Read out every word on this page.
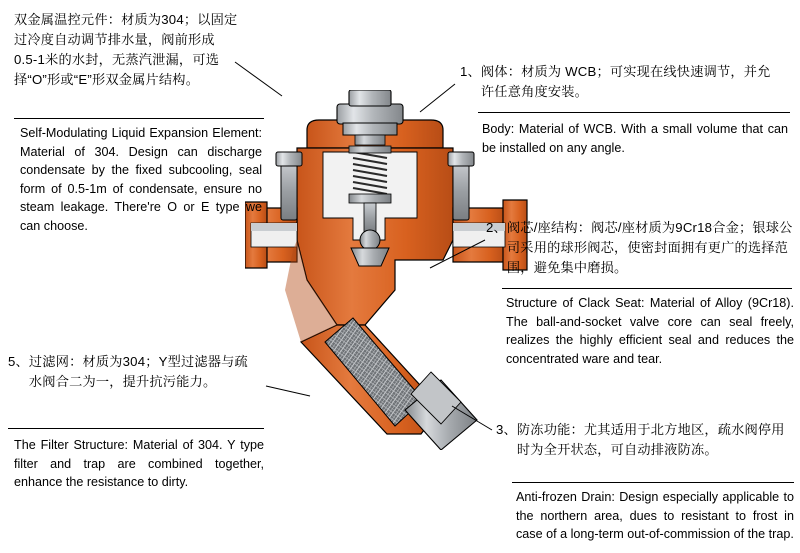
双金属温控元件：材质为304；以固定过冷度自动调节排水量，阀前形成0.5-1米的水封，无蒸汽泄漏，可选择“O”形或“E”形双金属片结构。
Self-Modulating Liquid Expansion Element: Material of 304. Design can discharge condensate by the fixed subcooling, seal form of 0.5-1m of condensate, ensure no steam leakage. There're O or E type we can choose.
5、 过滤网：材质为304；Y型过滤器与疏水阀合二为一，提升抗污能力。
The Filter Structure: Material of 304. Y type filter and trap are combined together, enhance the resistance to dirty.
1、 阀体：材质为 WCB；可实现在线快速调节，并允许任意角度安装。
Body: Material of WCB. With a small volume that can be installed on any angle.
2、 阀芯/座结构：阀芯/座材质为9Cr18合金；银球公司采用的球形阀芯，使密封面拥有更广的选择范围，避免集中磨损。
Structure of Clack Seat: Material of Alloy (9Cr18). The ball-and-socket valve core can seal freely, realizes the highly efficient seal and reduces the concentrated ware and tear.
3、 防冻功能：尤其适用于北方地区，疏水阀停用时为全开状态，可自动排液防冻。
Anti-frozen Drain: Design especially applicable to the northern area, dues to resistant to frost in case of a long-term out-of-commission of the trap.
